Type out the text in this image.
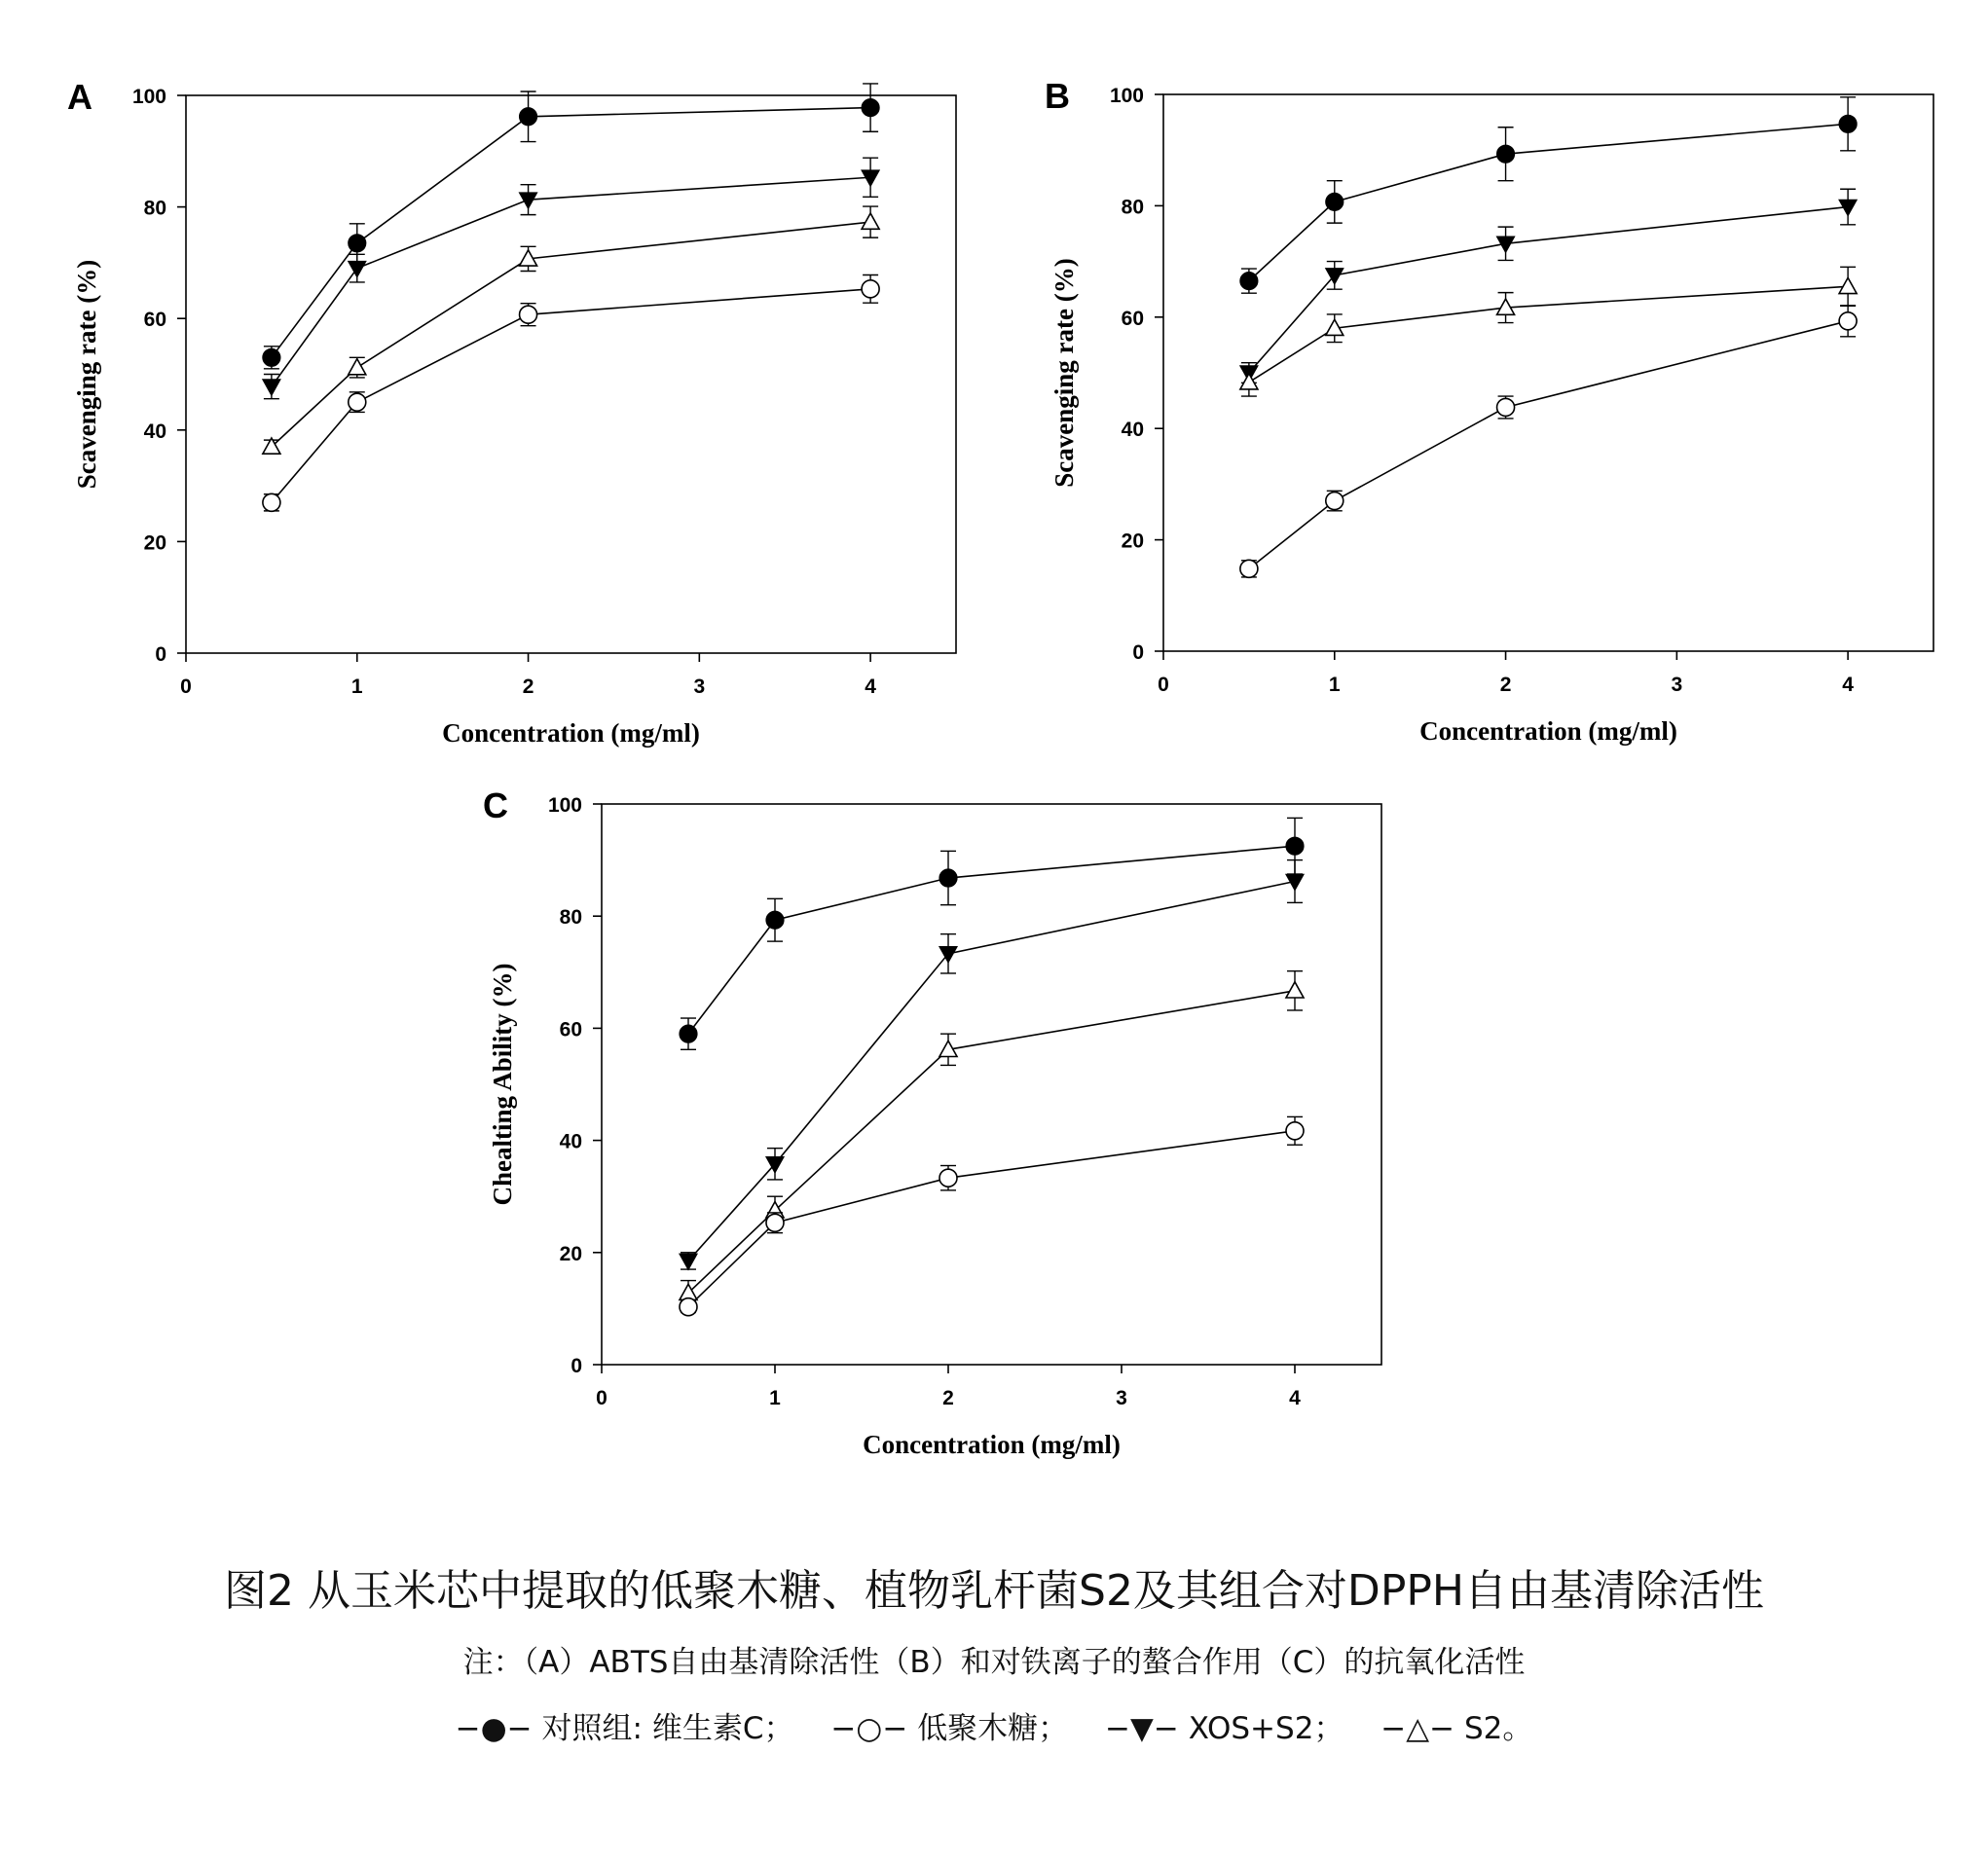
0	1	2	3	4
0
20
40
60
80
100
Concentration (mg/ml)
Scavenging rate (%)
A
0	1	2	3	4
0
20
40
60
80
100
Concentration (mg/ml)
Scavenging rate (%)
B
0	1	2	3	4
0
20
40
60
80
100
Concentration (mg/ml)
Chealting Ability (%)
C
图2 从玉米芯中提取的低聚木糖、植物乳杆菌S2及其组合对DPPH自由基清除活性
注：（A）ABTS自由基清除活性（B）和对铁离子的螯合作用（C）的抗氧化活性
−●− 对照组: 维生素C； −○− 低聚木糖； −▼− XOS+S2； −△− S2。
